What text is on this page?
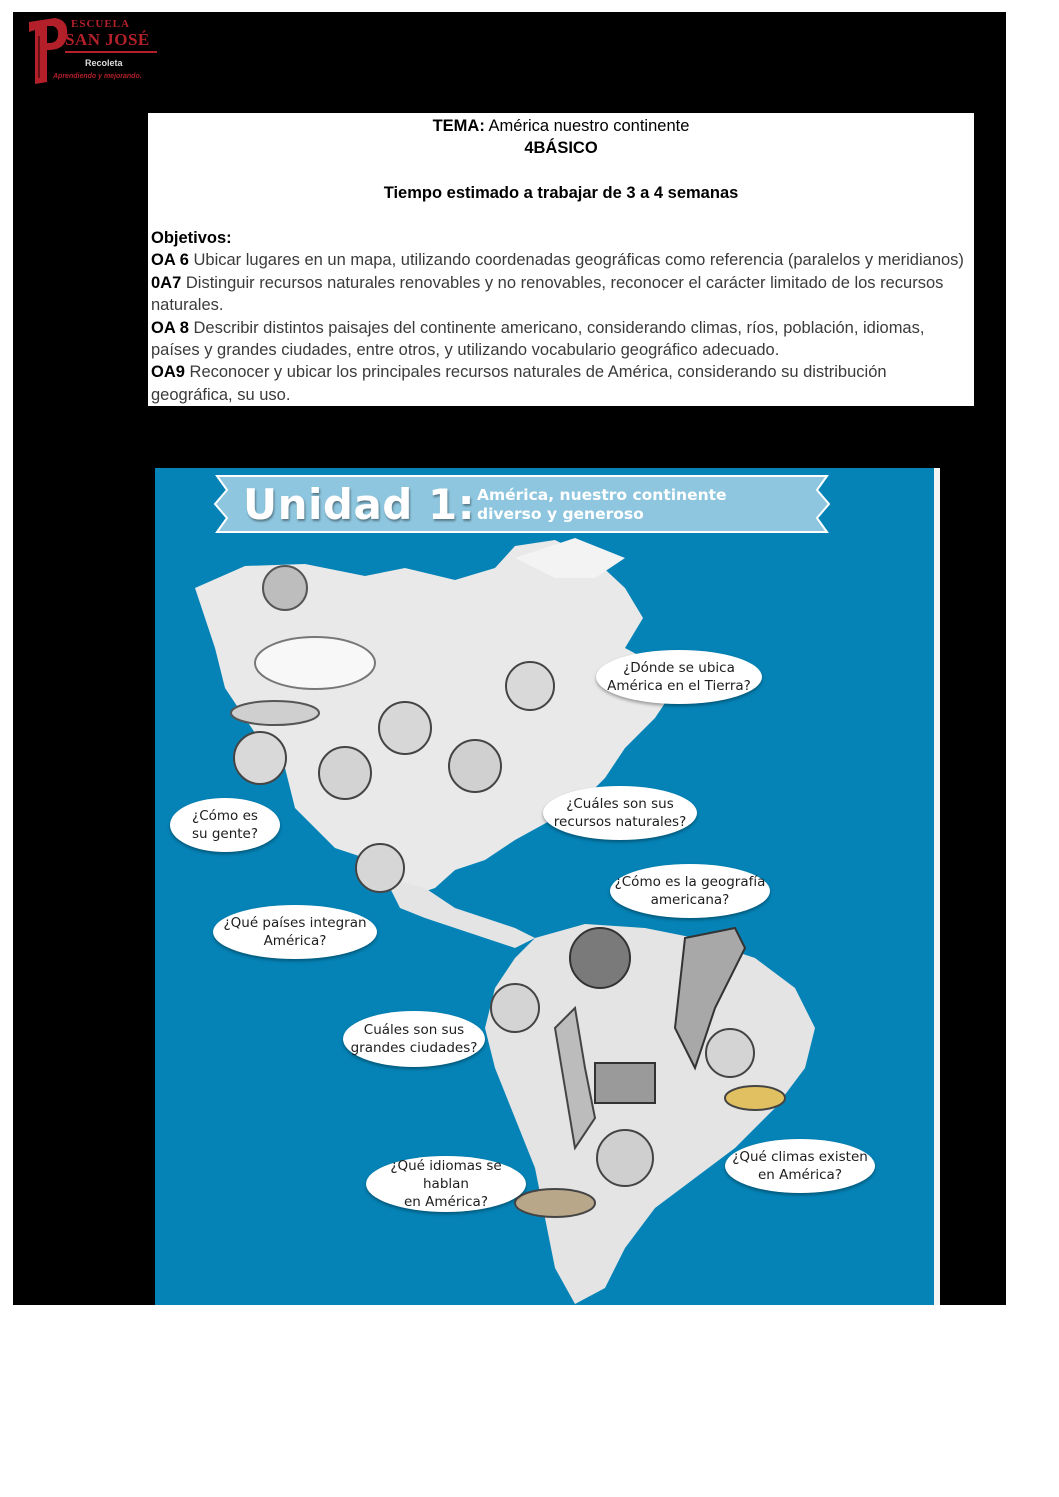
ESCUELA
SAN JOSÉ
Recoleta
Aprendiendo y mejorando.
TEMA: América nuestro continente
4BÁSICO
Tiempo estimado a trabajar de 3 a 4 semanas
Objetivos:
OA 6 Ubicar lugares en un mapa, utilizando coordenadas geográficas como referencia (paralelos y meridianos)
0A7 Distinguir recursos naturales renovables y no renovables, reconocer el carácter limitado de los recursos naturales.
OA 8 Describir distintos paisajes del continente americano, considerando climas, ríos, población, idiomas, países y grandes ciudades, entre otros, y utilizando vocabulario geográfico adecuado.
OA9 Reconocer y ubicar los principales recursos naturales de América, considerando su distribución geográfica, su uso.
Unidad 1: América, nuestro continente
diverso y generoso
¿Dónde se ubica
América en el Tierra?
¿Cómo es
su gente?
¿Cuáles son sus
recursos naturales?
¿Cómo es la geografía
americana?
¿Qué países integran
América?
Cuáles son sus
grandes ciudades?
¿Qué climas existen
en América?
¿Qué idiomas se hablan
en América?
